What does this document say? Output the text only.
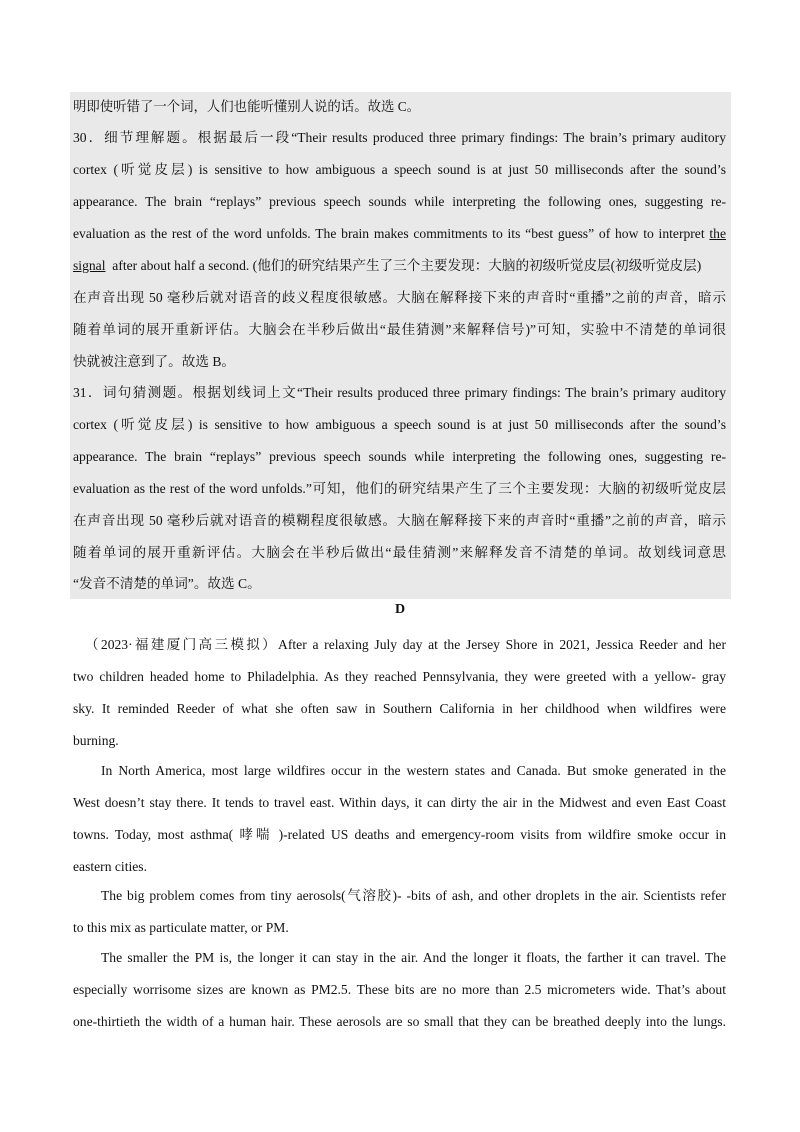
明即使听错了一个词，人们也能听懂别人说的话。故选 C。
30．细节理解题。根据最后一段“Their results produced three primary findings: The brain’s primary auditory
cortex (听觉皮层) is sensitive to how ambiguous a speech sound is at just 50 milliseconds after the sound’s
appearance. The brain “replays” previous speech sounds while interpreting the following ones, suggesting re-
evaluation as the rest of the word unfolds. The brain makes commitments to its “best guess” of how to interpret the
signal  after about half a second. (他们的研究结果产生了三个主要发现：大脑的初级听觉皮层(初级听觉皮层)
在声音出现 50 毫秒后就对语音的歧义程度很敏感。大脑在解释接下来的声音时“重播”之前的声音，暗示
随着单词的展开重新评估。大脑会在半秒后做出“最佳猜测”来解释信号)”可知，实验中不清楚的单词很
快就被注意到了。故选 B。
31．词句猜测题。根据划线词上文“Their results produced three primary findings: The brain’s primary auditory
cortex (听觉皮层) is sensitive to how ambiguous a speech sound is at just 50 milliseconds after the sound’s
appearance. The brain “replays” previous speech sounds while interpreting the following ones, suggesting re-
evaluation as the rest of the word unfolds.”可知，他们的研究结果产生了三个主要发现：大脑的初级听觉皮层
在声音出现 50 毫秒后就对语音的模糊程度很敏感。大脑在解释接下来的声音时“重播”之前的声音，暗示
随着单词的展开重新评估。大脑会在半秒后做出“最佳猜测”来解释发音不清楚的单词。故划线词意思
“发音不清楚的单词”。故选 C。
D
（2023·福建厦门高三模拟）After a relaxing July day at the Jersey Shore in 2021, Jessica Reeder and her
two children headed home to Philadelphia. As they reached Pennsylvania, they were greeted with a yellow- gray
sky. It reminded Reeder of what she often saw in Southern California in her childhood when wildfires were
burning.
In North America, most large wildfires occur in the western states and Canada. But smoke generated in the
West doesn’t stay there. It tends to travel east. Within days, it can dirty the air in the Midwest and even East Coast
towns. Today, most asthma( 哮喘 )-related US deaths and emergency-room visits from wildfire smoke occur in
eastern cities.
The big problem comes from tiny aerosols(气溶胶)- -bits of ash, and other droplets in the air. Scientists refer
to this mix as particulate matter, or PM.
The smaller the PM is, the longer it can stay in the air. And the longer it floats, the farther it can travel. The
especially worrisome sizes are known as PM2.5. These bits are no more than 2.5 micrometers wide. That’s about
one-thirtieth the width of a human hair. These aerosols are so small that they can be breathed deeply into the lungs.
